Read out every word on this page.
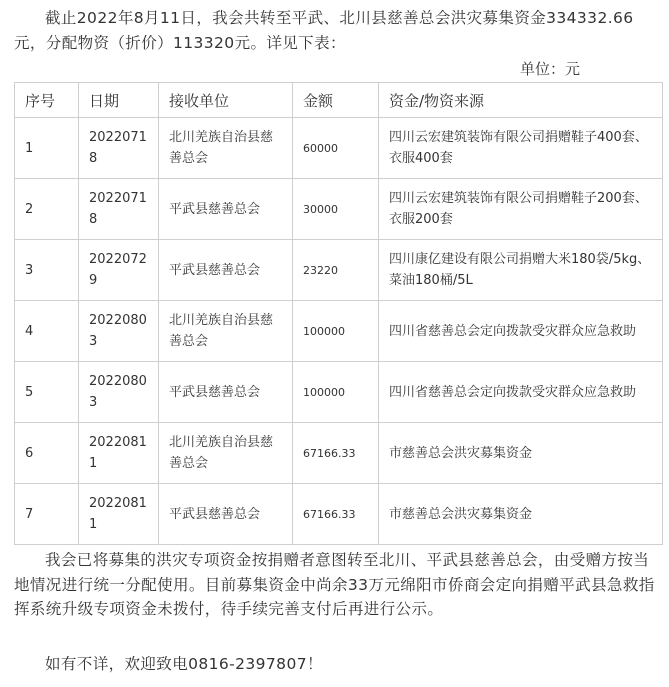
截止2022年8月11日，我会共转至平武、北川县慈善总会洪灾募集资金334332.66元，分配物资（折价）113320元。详见下表：

单位：元
序号	日期	接收单位	金额	资金/物资来源
1	20220718	北川羌族自治县慈善总会	60000	四川云宏建筑装饰有限公司捐赠鞋子400套、衣服400套
2	20220718	平武县慈善总会	30000	四川云宏建筑装饰有限公司捐赠鞋子200套、衣服200套
3	20220729	平武县慈善总会	23220	四川康亿建设有限公司捐赠大米180袋/5kg、菜油180桶/5L
4	20220803	北川羌族自治县慈善总会	100000	四川省慈善总会定向拨款受灾群众应急救助
5	20220803	平武县慈善总会	100000	四川省慈善总会定向拨款受灾群众应急救助
6	20220811	北川羌族自治县慈善总会	67166.33	市慈善总会洪灾募集资金
7	20220811	平武县慈善总会	67166.33	市慈善总会洪灾募集资金

我会已将募集的洪灾专项资金按捐赠者意图转至北川、平武县慈善总会，由受赠方按当地情况进行统一分配使用。目前募集资金中尚余33万元绵阳市侨商会定向捐赠平武县急救指挥系统升级专项资金未拨付，待手续完善支付后再进行公示。

如有不详，欢迎致电0816-2397807！
